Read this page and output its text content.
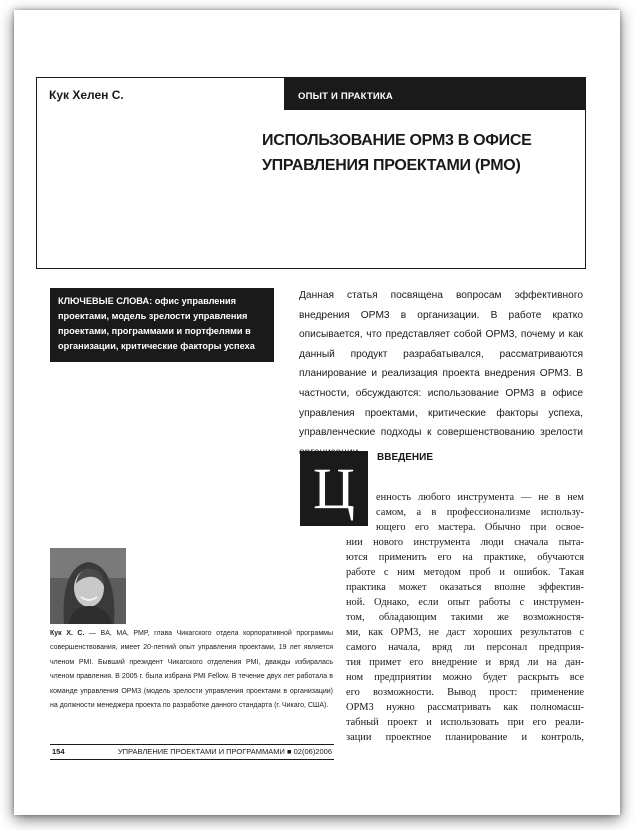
Кук Хелен С.	ОПЫТ И ПРАКТИКА
ИСПОЛЬЗОВАНИЕ OPM3 В ОФИСЕ
УПРАВЛЕНИЯ ПРОЕКТАМИ (PMO)
КЛЮЧЕВЫЕ СЛОВА: офис управления проектами, модель зрелости управления проектами, программами и портфелями в организации, критические факторы успеха
Данная статья посвящена вопросам эффективного внедрения OPM3 в организации. В работе кратко описывается, что представляет собой OPM3, почему и как данный продукт разрабатывался, рассматриваются планирование и реализация проекта внедрения OPM3. В частности, обсуждаются: использование OPM3 в офисе управления проектами, критические факторы успеха, управленческие подходы к совершенствованию зрелости
Ц	ВВЕДЕНИЕ
енность любого инструмента — не в нем
самом, а в профессионализме использу-
ющего его мастера. Обычно при освое-
нии нового инструмента люди сначала пыта-
ются применить его на практике, обучаются
работе с ним методом проб и ошибок. Такая
практика может оказаться вполне эффектив-
ной. Однако, если опыт работы с инструмен-
том, обладающим такими же возможностя-
ми, как OPM3, не даст хороших результатов с
самого начала, вряд ли персонал предприя-
тия примет его внедрение и вряд ли на дан-
ном предприятии можно будет раскрыть все
его возможности. Вывод прост: применение
OPM3 нужно рассматривать как полномасш-
табный проект и использовать при его реали-
зации проектное планирование и контроль,
Кук Х. С. — BA, MA, PMP, глава Чикагского отдела корпоративной программы совершенствования, имеет 20-летний опыт управления проектами, 19 лет является членом PMI. Бывший президент Чикагского отделения PMI, дважды избиралась членом правления. В 2005 г. была избрана PMI Fellow. В течение двух лет работала в команде управления OPM3 (модель зрелости управления проектами в организации) на должности менеджера проекта по разработке данного стандарта (г. Чикаго, США).
154	УПРАВЛЕНИЕ ПРОЕКТАМИ И ПРОГРАММАМИ ■ 02(06)2006
